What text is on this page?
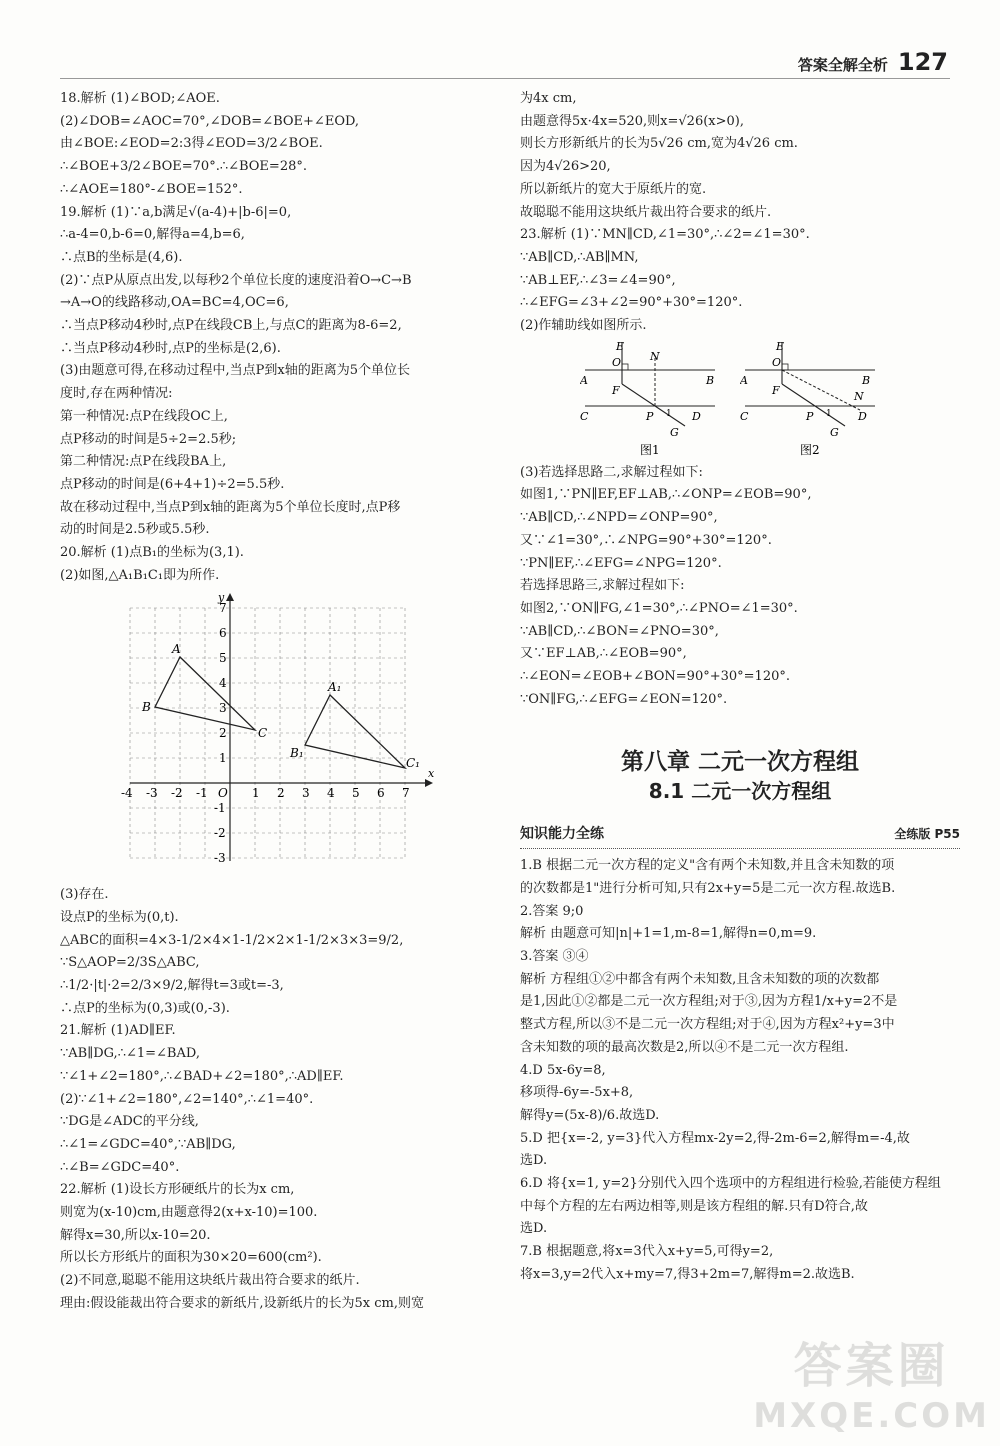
答案全解全析 127
18.解析 (1)∠BOD;∠AOE.
(2)∠DOB=∠AOC=70°,∠DOB=∠BOE+∠EOD,
由∠BOE:∠EOD=2:3得∠EOD=3/2∠BOE.
∴∠BOE+3/2∠BOE=70°.∴∠BOE=28°.
∴∠AOE=180°-∠BOE=152°.
19.解析 (1)∵a,b满足√(a-4)+|b-6|=0,
∴a-4=0,b-6=0,解得a=4,b=6,
∴点B的坐标是(4,6).
(2)∵点P从原点出发,以每秒2个单位长度的速度沿着O→C→B
→A→O的线路移动,OA=BC=4,OC=6,
∴当点P移动4秒时,点P在线段CB上,与点C的距离为8-6=2,
∴当点P移动4秒时,点P的坐标是(2,6).
(3)由题意可得,在移动过程中,当点P到x轴的距离为5个单位长
度时,存在两种情况:
第一种情况:点P在线段OC上,
点P移动的时间是5÷2=2.5秒;
第二种情况:点P在线段BA上,
点P移动的时间是(6+4+1)÷2=5.5秒.
故在移动过程中,当点P到x轴的距离为5个单位长度时,点P移
动的时间是2.5秒或5.5秒.
20.解析 (1)点B₁的坐标为(3,1).
(2)如图,△A₁B₁C₁即为所作.
x
y
O
-4 -3 -2 -1	1 2 3 4 5 6 7
7
6
5
4
3
2
1
-1
-2
-3
A
B
C
A₁
B₁
C₁
(3)存在.
设点P的坐标为(0,t).
△ABC的面积=4×3-1/2×4×1-1/2×2×1-1/2×3×3=9/2,
∵S△AOP=2/3S△ABC,
∴1/2·|t|·2=2/3×9/2,解得t=3或t=-3,
∴点P的坐标为(0,3)或(0,-3).
21.解析 (1)AD∥EF.
∵AB∥DG,∴∠1=∠BAD,
∵∠1+∠2=180°,∴∠BAD+∠2=180°,∴AD∥EF.
(2)∵∠1+∠2=180°,∠2=140°,∴∠1=40°.
∵DG是∠ADC的平分线,
∴∠1=∠GDC=40°,∵AB∥DG,
∴∠B=∠GDC=40°.
22.解析 (1)设长方形硬纸片的长为x cm,
则宽为(x-10)cm,由题意得2(x+x-10)=100.
解得x=30,所以x-10=20.
所以长方形纸片的面积为30×20=600(cm²).
(2)不同意,聪聪不能用这块纸片裁出符合要求的纸片.
理由:假设能裁出符合要求的新纸片,设新纸片的长为5x cm,则宽
为4x cm,
由题意得5x·4x=520,则x=√26(x>0),
则长方形新纸片的长为5√26 cm,宽为4√26 cm.
因为4√26>20,
所以新纸片的宽大于原纸片的宽.
故聪聪不能用这块纸片裁出符合要求的纸片.
23.解析 (1)∵MN∥CD,∠1=30°,∴∠2=∠1=30°.
∵AB∥CD,∴AB∥MN,
∵AB⊥EF,∴∠3=∠4=90°,
∴∠EFG=∠3+∠2=90°+30°=120°.
(2)作辅助线如图所示.
E
N
A
O
B
F
C	P 1 D
G
图1
E
A
O
B
F	N
C	P 1 D
G
图2
(3)若选择思路二,求解过程如下:
如图1,∵PN∥EF,EF⊥AB,∴∠ONP=∠EOB=90°,
∵AB∥CD,∴∠NPD=∠ONP=90°,
又∵∠1=30°,∴∠NPG=90°+30°=120°.
∵PN∥EF,∴∠EFG=∠NPG=120°.
若选择思路三,求解过程如下:
如图2,∵ON∥FG,∠1=30°,∴∠PNO=∠1=30°.
∵AB∥CD,∴∠BON=∠PNO=30°,
又∵EF⊥AB,∴∠EOB=90°,
∴∠EON=∠EOB+∠BON=90°+30°=120°.
∵ON∥FG,∴∠EFG=∠EON=120°.
第八章 二元一次方程组
8.1 二元一次方程组
知识能力全练	全练版 P55
1.B 根据二元一次方程的定义"含有两个未知数,并且含未知数的项
的次数都是1"进行分析可知,只有2x+y=5是二元一次方程.故选B.
2.答案 9;0
解析 由题意可知|n|+1=1,m-8=1,解得n=0,m=9.
3.答案 ③④
解析 方程组①②中都含有两个未知数,且含未知数的项的次数都
是1,因此①②都是二元一次方程组;对于③,因为方程1/x+y=2不是
整式方程,所以③不是二元一次方程组;对于④,因为方程x²+y=3中
含未知数的项的最高次数是2,所以④不是二元一次方程组.
4.D 5x-6y=8,
移项得-6y=-5x+8,
解得y=(5x-8)/6.故选D.
5.D 把{x=-2, y=3}代入方程mx-2y=2,得-2m-6=2,解得m=-4,故
选D.
6.D 将{x=1, y=2}分别代入四个选项中的方程组进行检验,若能使方程组
中每个方程的左右两边相等,则是该方程组的解.只有D符合,故
选D.
7.B 根据题意,将x=3代入x+y=5,可得y=2,
将x=3,y=2代入x+my=7,得3+2m=7,解得m=2.故选B.
答案圈
MXQE.COM
